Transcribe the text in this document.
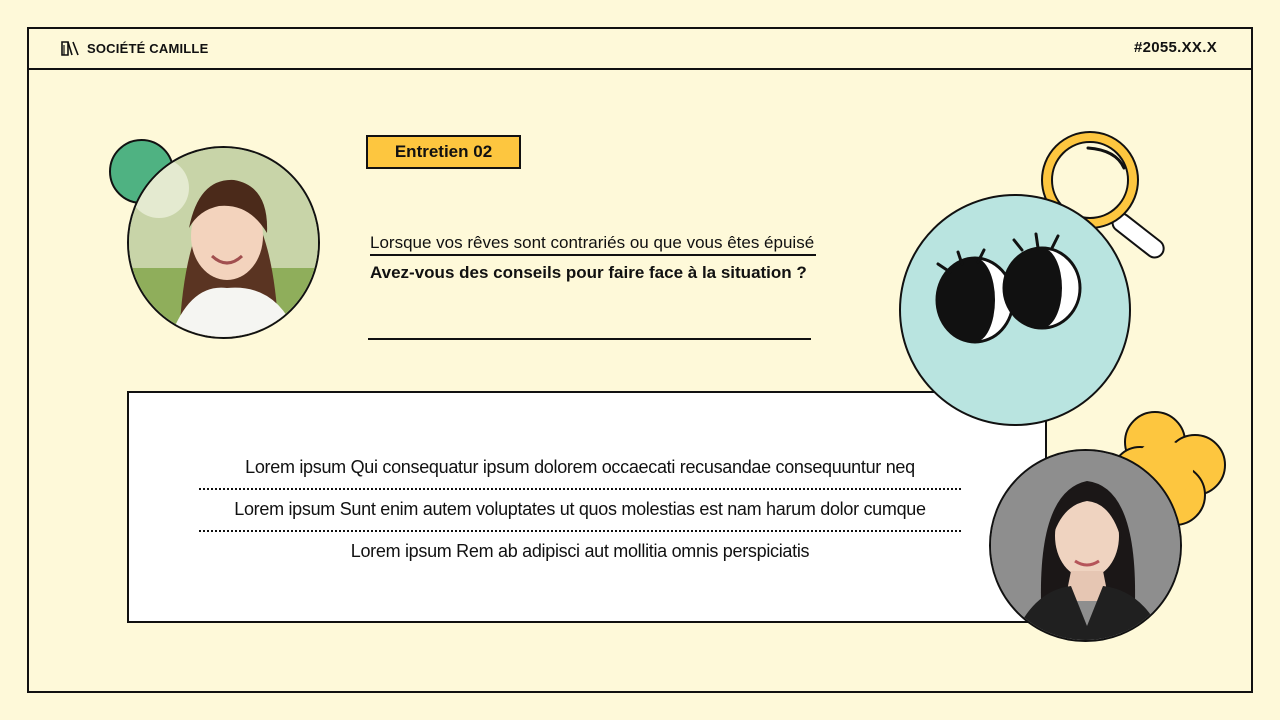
SOCIÉTÉ CAMILLE	#2055.XX.X
Entretien 02
Lorsque vos rêves sont contrariés ou que vous êtes épuisé
Avez-vous des conseils pour faire face à la situation ?
Lorem ipsum Qui consequatur ipsum dolorem occaecati recusandae consequuntur neq
Lorem ipsum Sunt enim autem voluptates ut quos molestias est nam harum dolor cumque
Lorem ipsum Rem ab adipisci aut mollitia omnis perspiciatis
